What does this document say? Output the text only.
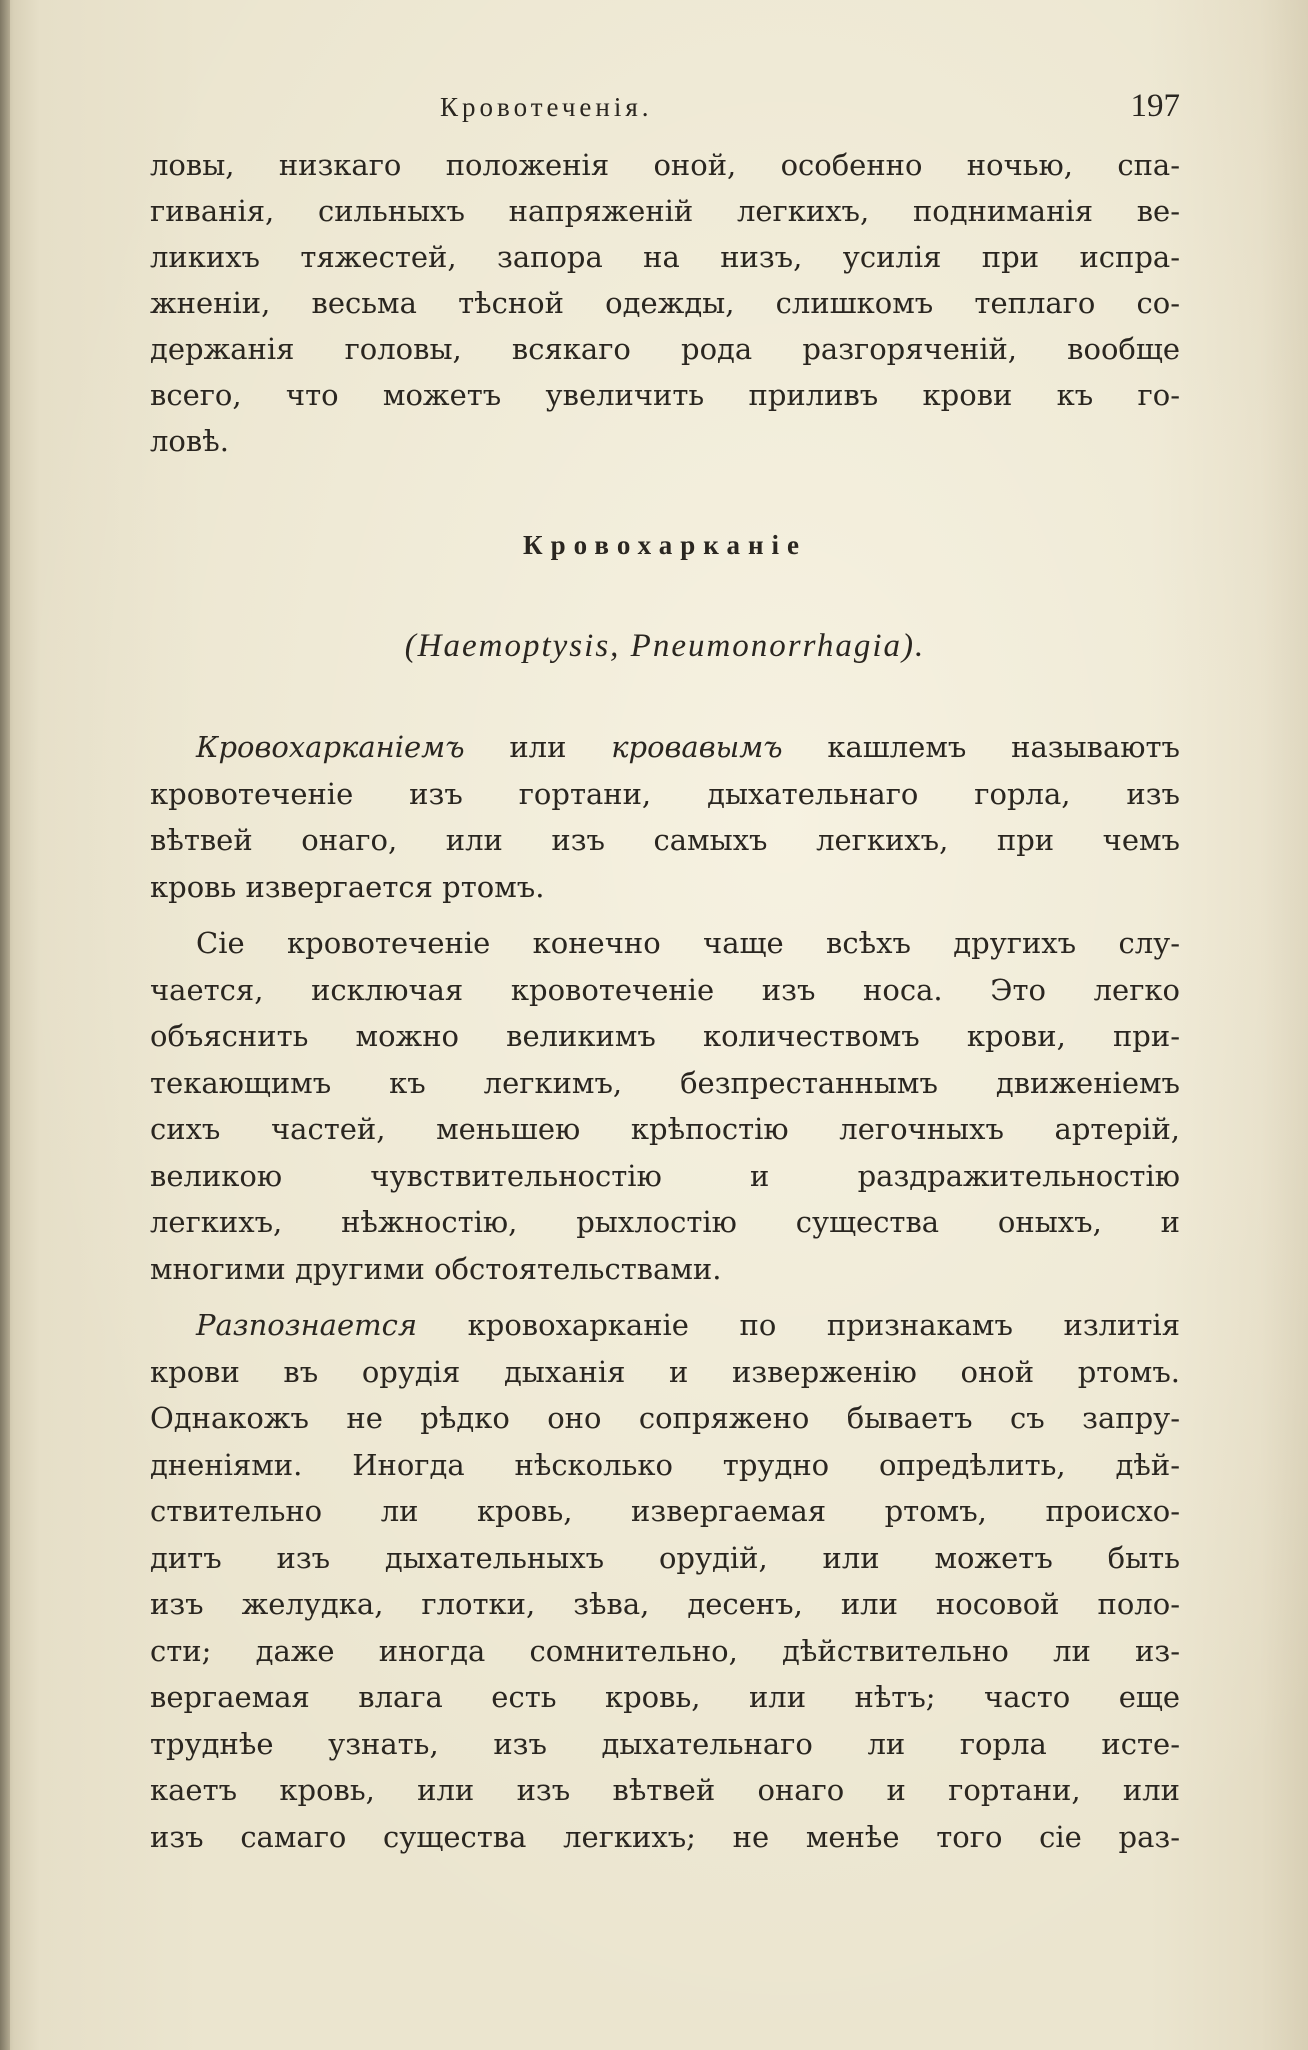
Кровотеченія.	197
ловы, низкаго положенія оной, особенно ночью, спа-
гиванія, сильныхъ напряженій легкихъ, подниманія ве-
ликихъ тяжестей, запора на низъ, усилія при испра-
жненіи, весьма тѣсной одежды, слишкомъ теплаго со-
держанія головы, всякаго рода разгоряченій, вообще
всего, что можетъ увеличить приливъ крови къ го-
ловѣ.
Кровохарканіе
(Haemoptysis, Pneumonorrhagia).
Кровохарканіемъ или кровавымъ кашлемъ называютъ
кровотеченіе изъ гортани, дыхательнаго горла, изъ
вѣтвей онаго, или изъ самыхъ легкихъ, при чемъ
кровь извергается ртомъ.
Сіе кровотеченіе конечно чаще всѣхъ другихъ слу-
чается, исключая кровотеченіе изъ носа. Это легко
объяснить можно великимъ количествомъ крови, при-
текающимъ къ легкимъ, безпрестаннымъ движеніемъ
сихъ частей, меньшею крѣпостію легочныхъ артерій,
великою чувствительностію и раздражительностію
легкихъ, нѣжностію, рыхлостію существа оныхъ, и
многими другими обстоятельствами.
Разпознается кровохарканіе по признакамъ излитія
крови въ орудія дыханія и изверженію оной ртомъ.
Однакожъ не рѣдко оно сопряжено бываетъ съ запру-
дненіями. Иногда нѣсколько трудно опредѣлить, дѣй-
ствительно ли кровь, извергаемая ртомъ, происхо-
дитъ изъ дыхательныхъ орудій, или можетъ быть
изъ желудка, глотки, зѣва, десенъ, или носовой поло-
сти; даже иногда сомнительно, дѣйствительно ли из-
вергаемая влага есть кровь, или нѣтъ; часто еще
труднѣе узнать, изъ дыхательнаго ли горла исте-
каетъ кровь, или изъ вѣтвей онаго и гортани, или
изъ самаго существа легкихъ; не менѣе того сіе раз-
